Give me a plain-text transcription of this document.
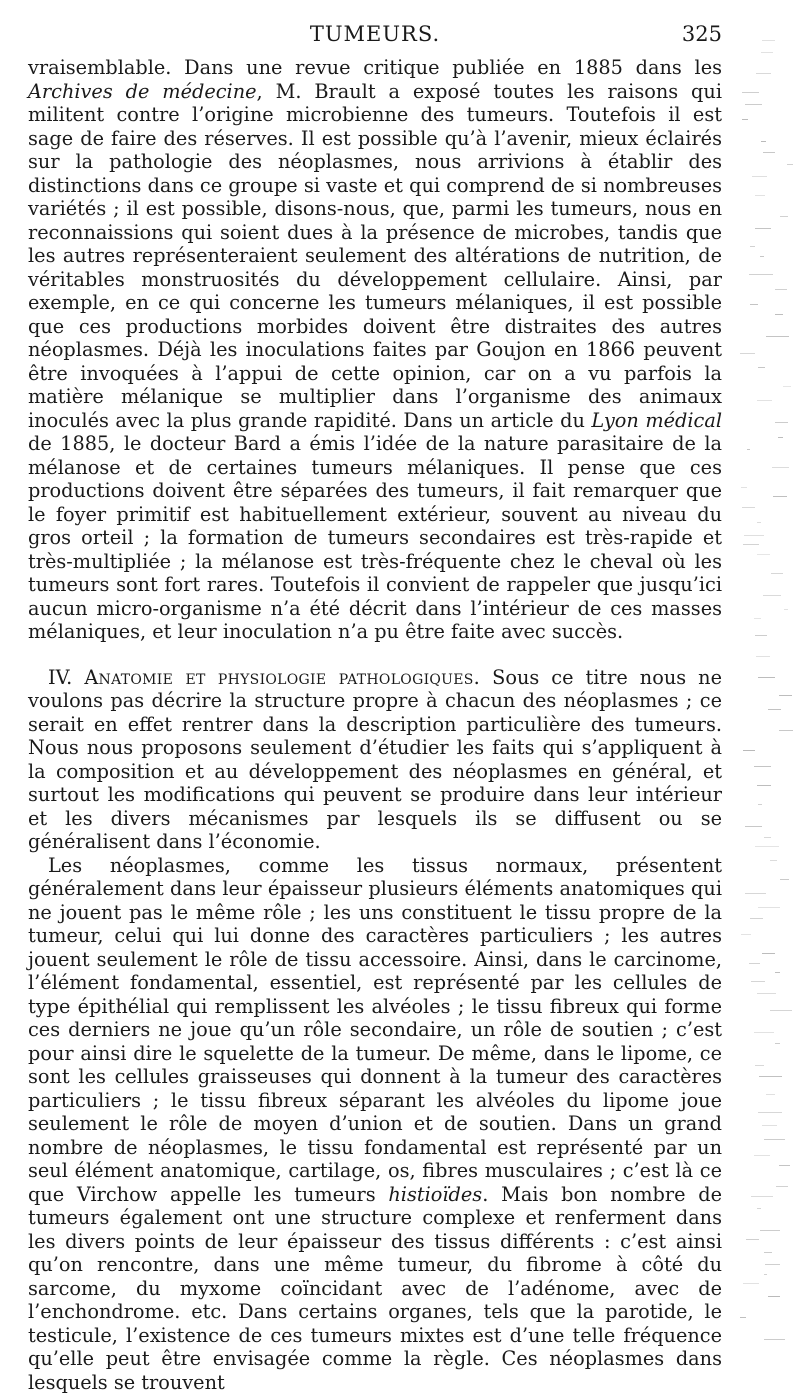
TUMEURS.	325

vraisemblable. Dans une revue critique publiée en 1885 dans les Archives de médecine, M. Brault a exposé toutes les raisons qui militent contre l’origine microbienne des tumeurs. Toutefois il est sage de faire des réserves. Il est possible qu’à l’avenir, mieux éclairés sur la pathologie des néoplasmes, nous arrivions à établir des distinctions dans ce groupe si vaste et qui comprend de si nombreuses variétés ; il est possible, disons-nous, que, parmi les tumeurs, nous en reconnaissions qui soient dues à la présence de microbes, tandis que les autres représenteraient seulement des altérations de nutrition, de véritables monstruosités du développement cellulaire. Ainsi, par exemple, en ce qui concerne les tumeurs mélaniques, il est possible que ces productions morbides doivent être distraites des autres néoplasmes. Déjà les inoculations faites par Goujon en 1866 peuvent être invoquées à l’appui de cette opinion, car on a vu parfois la matière mélanique se multiplier dans l’organisme des animaux inoculés avec la plus grande rapidité. Dans un article du Lyon médical de 1885, le docteur Bard a émis l’idée de la nature parasitaire de la mélanose et de certaines tumeurs mélaniques. Il pense que ces productions doivent être séparées des tumeurs, il fait remarquer que le foyer primitif est habituellement extérieur, souvent au niveau du gros orteil ; la formation de tumeurs secondaires est très-rapide et très-multipliée ; la mélanose est très-fréquente chez le cheval où les tumeurs sont fort rares. Toutefois il convient de rappeler que jusqu’ici aucun micro-organisme n’a été décrit dans l’intérieur de ces masses mélaniques, et leur inoculation n’a pu être faite avec succès.

IV. Anatomie et physiologie pathologiques. Sous ce titre nous ne voulons pas décrire la structure propre à chacun des néoplasmes ; ce serait en effet rentrer dans la description particulière des tumeurs. Nous nous proposons seulement d’étudier les faits qui s’appliquent à la composition et au développement des néoplasmes en général, et surtout les modifications qui peuvent se produire dans leur intérieur et les divers mécanismes par lesquels ils se diffusent ou se généralisent dans l’économie.

Les néoplasmes, comme les tissus normaux, présentent généralement dans leur épaisseur plusieurs éléments anatomiques qui ne jouent pas le même rôle ; les uns constituent le tissu propre de la tumeur, celui qui lui donne des caractères particuliers ; les autres jouent seulement le rôle de tissu accessoire. Ainsi, dans le carcinome, l’élément fondamental, essentiel, est représenté par les cellules de type épithélial qui remplissent les alvéoles ; le tissu fibreux qui forme ces derniers ne joue qu’un rôle secondaire, un rôle de soutien ; c’est pour ainsi dire le squelette de la tumeur. De même, dans le lipome, ce sont les cellules graisseuses qui donnent à la tumeur des caractères particuliers ; le tissu fibreux séparant les alvéoles du lipome joue seulement le rôle de moyen d’union et de soutien. Dans un grand nombre de néoplasmes, le tissu fondamental est représenté par un seul élément anatomique, cartilage, os, fibres musculaires ; c’est là ce que Virchow appelle les tumeurs histioïdes. Mais bon nombre de tumeurs également ont une structure complexe et renferment dans les divers points de leur épaisseur des tissus différents : c’est ainsi qu’on rencontre, dans une même tumeur, du fibrome à côté du sarcome, du myxome coïncidant avec de l’adénome, avec de l’enchondrome. etc. Dans certains organes, tels que la parotide, le testicule, l’existence de ces tumeurs mixtes est d’une telle fréquence qu’elle peut être envisagée comme la règle. Ces néoplasmes dans lesquels se trouvent
